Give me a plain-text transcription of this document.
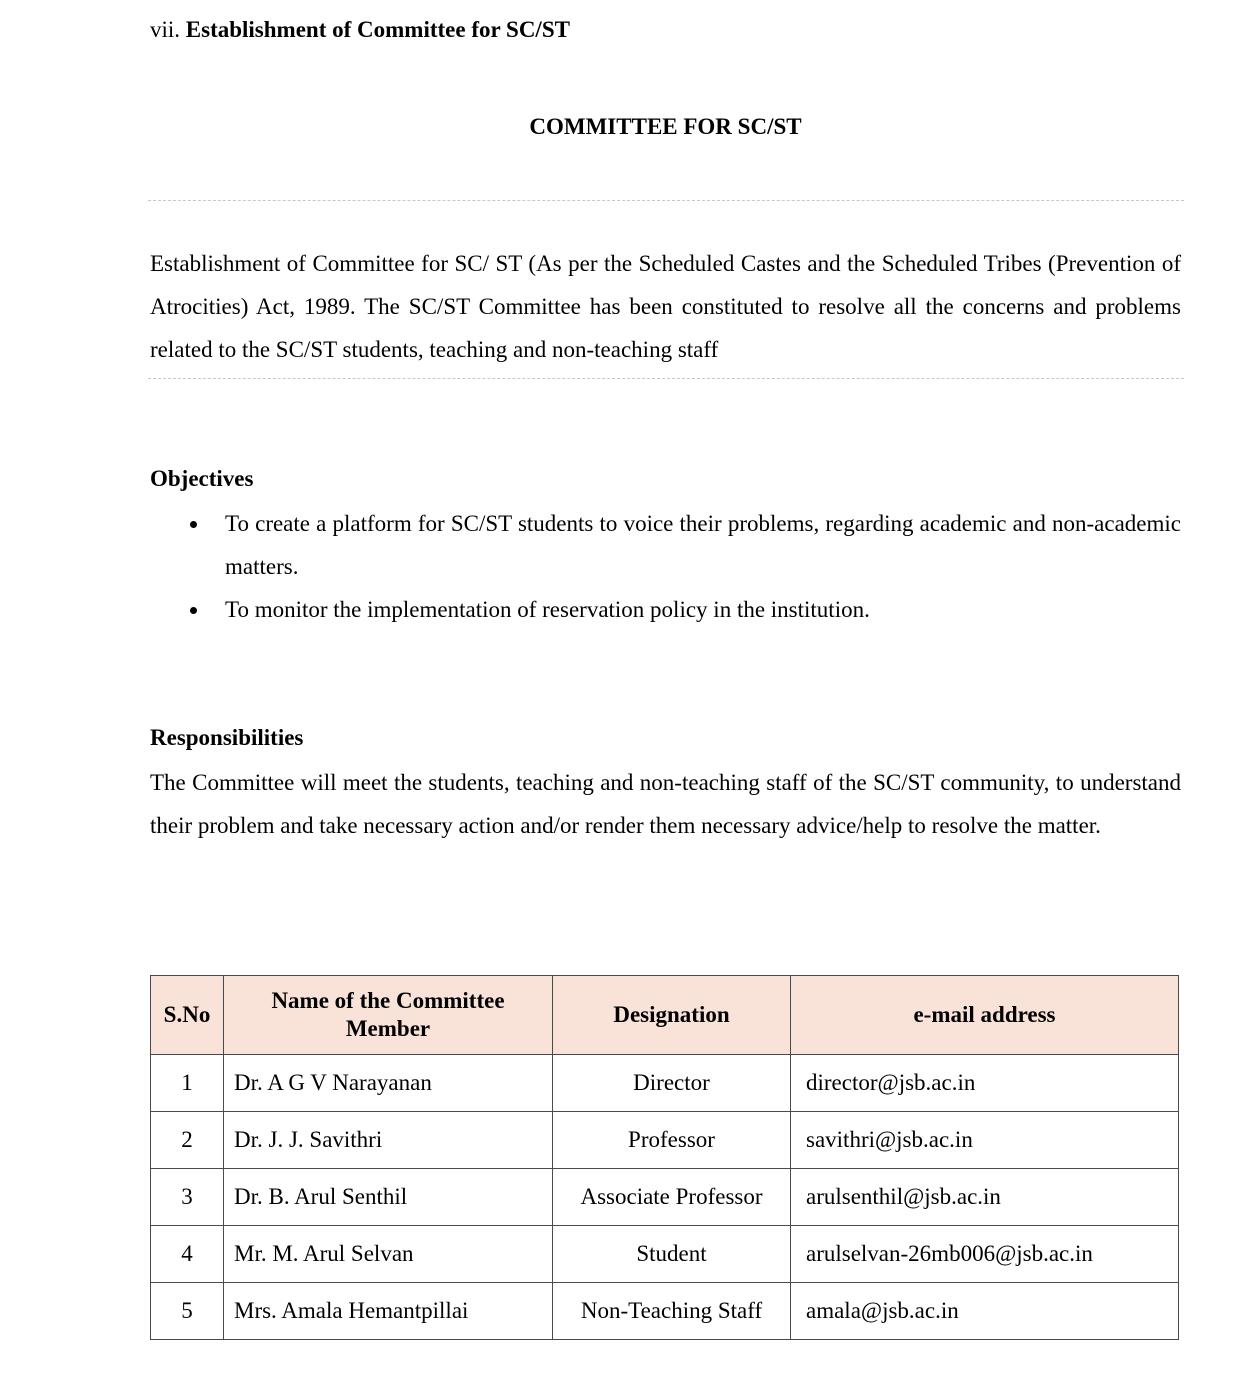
vii. Establishment of Committee for SC/ST
COMMITTEE FOR SC/ST
Establishment of Committee for SC/ ST (As per the Scheduled Castes and the Scheduled Tribes (Prevention of Atrocities) Act, 1989. The SC/ST Committee has been constituted to resolve all the concerns and problems related to the SC/ST students, teaching and non-teaching staff
Objectives
To create a platform for SC/ST students to voice their problems, regarding academic and non-academic matters.
To monitor the implementation of reservation policy in the institution.
Responsibilities
The Committee will meet the students, teaching and non-teaching staff of the SC/ST community, to understand their problem and take necessary action and/or render them necessary advice/help to resolve the matter.
S.No	Name of the Committee Member	Designation	e-mail address
1	Dr. A G V Narayanan	Director	director@jsb.ac.in
2	Dr. J. J. Savithri	Professor	savithri@jsb.ac.in
3	Dr. B. Arul Senthil	Associate Professor	arulsenthil@jsb.ac.in
4	Mr. M. Arul Selvan	Student	arulselvan-26mb006@jsb.ac.in
5	Mrs. Amala Hemantpillai	Non-Teaching Staff	amala@jsb.ac.in
